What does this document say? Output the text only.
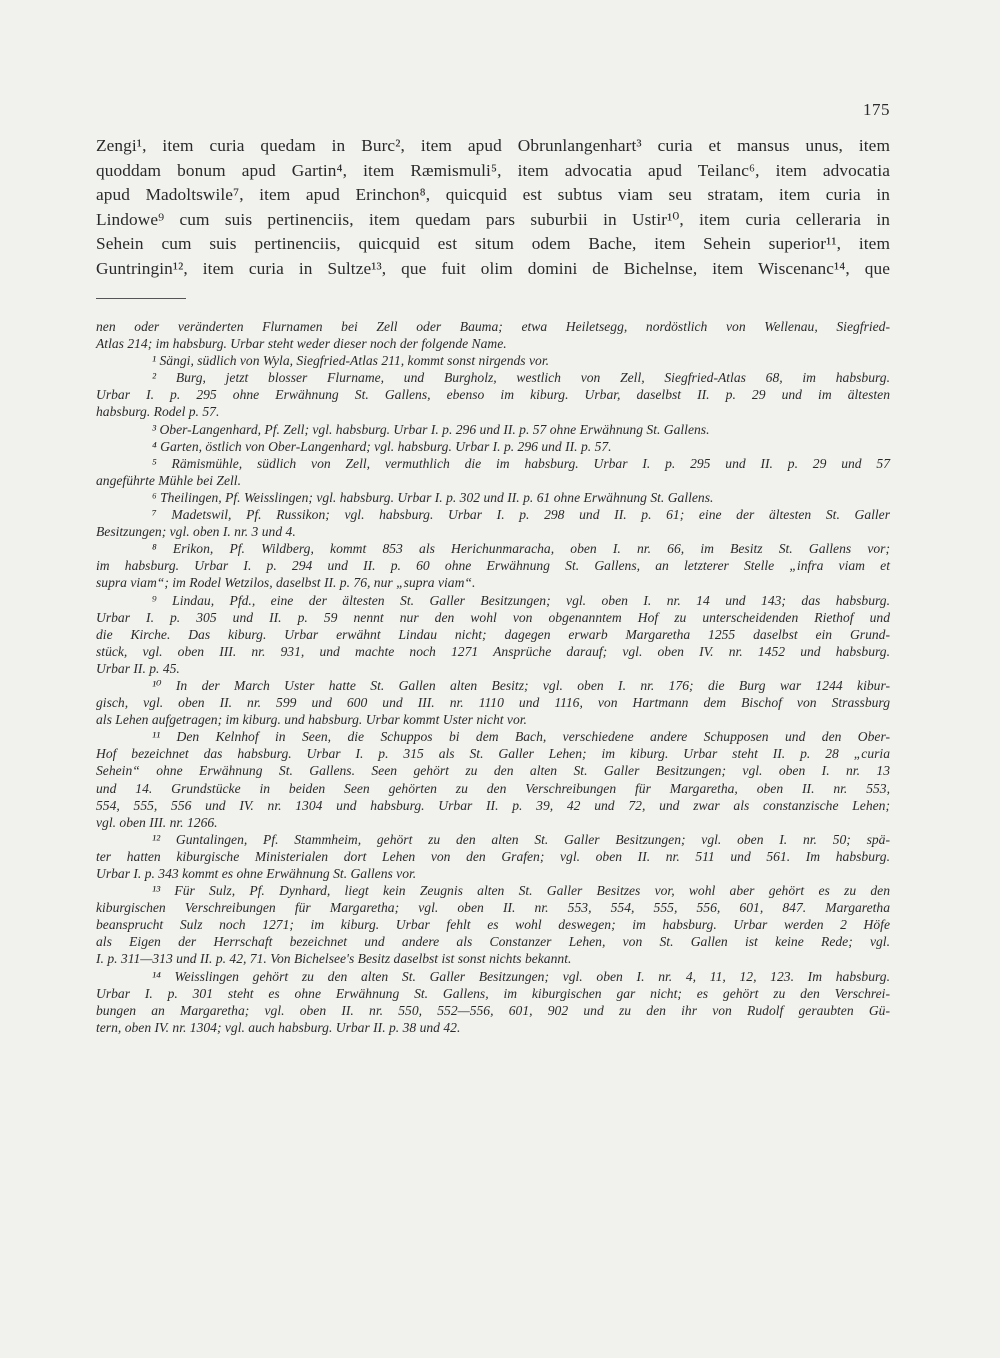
175
Zengi¹, item curia quedam in Burc², item apud Obrunlangenhart³ curia et mansus unus, item
quoddam bonum apud Gartin⁴, item Ræmismuli⁵, item advocatia apud Teilanc⁶, item advocatia
apud Madoltswile⁷, item apud Erinchon⁸, quicquid est subtus viam seu stratam, item curia in
Lindowe⁹ cum suis pertinenciis, item quedam pars suburbii in Ustir¹⁰, item curia celleraria in
Sehein cum suis pertinenciis, quicquid est situm odem Bache, item Sehein superior¹¹, item
Guntringin¹², item curia in Sultze¹³, que fuit olim domini de Bichelnse, item Wiscenanc¹⁴, que
nen oder veränderten Flurnamen bei Zell oder Bauma; etwa Heiletsegg, nordöstlich von Wellenau, Siegfried-
Atlas 214; im habsburg. Urbar steht weder dieser noch der folgende Name.
¹ Sängi, südlich von Wyla, Siegfried-Atlas 211, kommt sonst nirgends vor.
² Burg, jetzt blosser Flurname, und Burgholz, westlich von Zell, Siegfried-Atlas 68, im habsburg.
Urbar I. p. 295 ohne Erwähnung St. Gallens, ebenso im kiburg. Urbar, daselbst II. p. 29 und im ältesten
habsburg. Rodel p. 57.
³ Ober-Langenhard, Pf. Zell; vgl. habsburg. Urbar I. p. 296 und II. p. 57 ohne Erwähnung St. Gallens.
⁴ Garten, östlich von Ober-Langenhard; vgl. habsburg. Urbar I. p. 296 und II. p. 57.
⁵ Rämismühle, südlich von Zell, vermuthlich die im habsburg. Urbar I. p. 295 und II. p. 29 und 57
angeführte Mühle bei Zell.
⁶ Theilingen, Pf. Weisslingen; vgl. habsburg. Urbar I. p. 302 und II. p. 61 ohne Erwähnung St. Gallens.
⁷ Madetswil, Pf. Russikon; vgl. habsburg. Urbar I. p. 298 und II. p. 61; eine der ältesten St. Galler
Besitzungen; vgl. oben I. nr. 3 und 4.
⁸ Erikon, Pf. Wildberg, kommt 853 als Herichunmaracha, oben I. nr. 66, im Besitz St. Gallens vor;
im habsburg. Urbar I. p. 294 und II. p. 60 ohne Erwähnung St. Gallens, an letzterer Stelle „infra viam et
supra viam“; im Rodel Wetzilos, daselbst II. p. 76, nur „supra viam“.
⁹ Lindau, Pfd., eine der ältesten St. Galler Besitzungen; vgl. oben I. nr. 14 und 143; das habsburg.
Urbar I. p. 305 und II. p. 59 nennt nur den wohl von obgenanntem Hof zu unterscheidenden Riethof und
die Kirche. Das kiburg. Urbar erwähnt Lindau nicht; dagegen erwarb Margaretha 1255 daselbst ein Grund-
stück, vgl. oben III. nr. 931, und machte noch 1271 Ansprüche darauf; vgl. oben IV. nr. 1452 und habsburg.
Urbar II. p. 45.
¹⁰ In der March Uster hatte St. Gallen alten Besitz; vgl. oben I. nr. 176; die Burg war 1244 kibur-
gisch, vgl. oben II. nr. 599 und 600 und III. nr. 1110 und 1116, von Hartmann dem Bischof von Strassburg
als Lehen aufgetragen; im kiburg. und habsburg. Urbar kommt Uster nicht vor.
¹¹ Den Kelnhof in Seen, die Schuppos bi dem Bach, verschiedene andere Schupposen und den Ober-
Hof bezeichnet das habsburg. Urbar I. p. 315 als St. Galler Lehen; im kiburg. Urbar steht II. p. 28 „curia
Sehein“ ohne Erwähnung St. Gallens. Seen gehört zu den alten St. Galler Besitzungen; vgl. oben I. nr. 13
und 14. Grundstücke in beiden Seen gehörten zu den Verschreibungen für Margaretha, oben II. nr. 553,
554, 555, 556 und IV. nr. 1304 und habsburg. Urbar II. p. 39, 42 und 72, und zwar als constanzische Lehen;
vgl. oben III. nr. 1266.
¹² Guntalingen, Pf. Stammheim, gehört zu den alten St. Galler Besitzungen; vgl. oben I. nr. 50; spä-
ter hatten kiburgische Ministerialen dort Lehen von den Grafen; vgl. oben II. nr. 511 und 561. Im habsburg.
Urbar I. p. 343 kommt es ohne Erwähnung St. Gallens vor.
¹³ Für Sulz, Pf. Dynhard, liegt kein Zeugnis alten St. Galler Besitzes vor, wohl aber gehört es zu den
kiburgischen Verschreibungen für Margaretha; vgl. oben II. nr. 553, 554, 555, 556, 601, 847. Margaretha
beansprucht Sulz noch 1271; im kiburg. Urbar fehlt es wohl deswegen; im habsburg. Urbar werden 2 Höfe
als Eigen der Herrschaft bezeichnet und andere als Constanzer Lehen, von St. Gallen ist keine Rede; vgl.
I. p. 311—313 und II. p. 42, 71. Von Bichelsee's Besitz daselbst ist sonst nichts bekannt.
¹⁴ Weisslingen gehört zu den alten St. Galler Besitzungen; vgl. oben I. nr. 4, 11, 12, 123. Im habsburg.
Urbar I. p. 301 steht es ohne Erwähnung St. Gallens, im kiburgischen gar nicht; es gehört zu den Verschrei-
bungen an Margaretha; vgl. oben II. nr. 550, 552—556, 601, 902 und zu den ihr von Rudolf geraubten Gü-
tern, oben IV. nr. 1304; vgl. auch habsburg. Urbar II. p. 38 und 42.
